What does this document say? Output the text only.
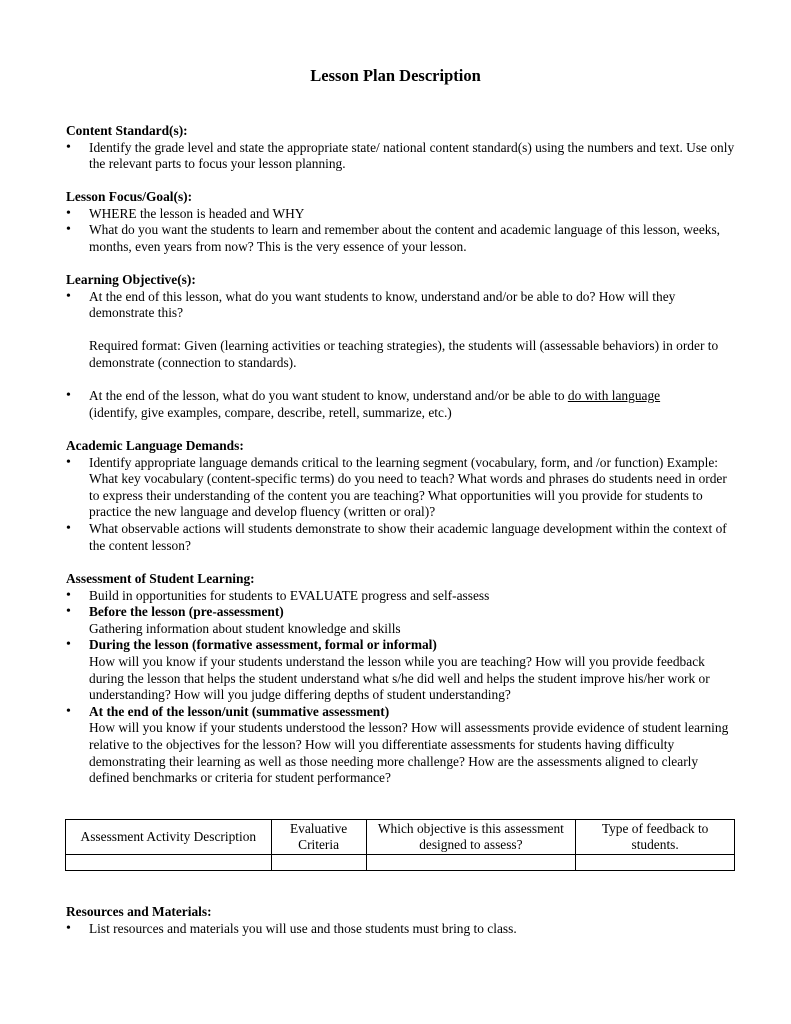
Lesson Plan Description
Content Standard(s):
• Identify the grade level and state the appropriate state/ national content standard(s) using the numbers and text. Use only the relevant parts to focus your lesson planning.
Lesson Focus/Goal(s):
• WHERE the lesson is headed and WHY
• What do you want the students to learn and remember about the content and academic language of this lesson, weeks, months, even years from now? This is the very essence of your lesson.
Learning Objective(s):
• At the end of this lesson, what do you want students to know, understand and/or be able to do? How will they demonstrate this?
Required format: Given (learning activities or teaching strategies), the students will (assessable behaviors) in order to demonstrate (connection to standards).
• At the end of the lesson, what do you want student to know, understand and/or be able to do with language
(identify, give examples, compare, describe, retell, summarize, etc.)
Academic Language Demands:
• Identify appropriate language demands critical to the learning segment (vocabulary, form, and /or function) Example: What key vocabulary (content-specific terms) do you need to teach? What words and phrases do students need in order to express their understanding of the content you are teaching? What opportunities will you provide for students to practice the new language and develop fluency (written or oral)?
• What observable actions will students demonstrate to show their academic language development within the context of the content lesson?
Assessment of Student Learning:
• Build in opportunities for students to EVALUATE progress and self-assess
• Before the lesson (pre-assessment)
Gathering information about student knowledge and skills
• During the lesson (formative assessment, formal or informal)
How will you know if your students understand the lesson while you are teaching? How will you provide feedback during the lesson that helps the student understand what s/he did well and helps the student improve his/her work or understanding? How will you judge differing depths of student understanding?
• At the end of the lesson/unit (summative assessment)
How will you know if your students understood the lesson? How will assessments provide evidence of student learning relative to the objectives for the lesson? How will you differentiate assessments for students having difficulty demonstrating their learning as well as those needing more challenge? How are the assessments aligned to clearly defined benchmarks or criteria for student performance?
Assessment Activity Description	Evaluative Criteria	Which objective is this assessment designed to assess?	Type of feedback to students.

Resources and Materials:
• List resources and materials you will use and those students must bring to class.
